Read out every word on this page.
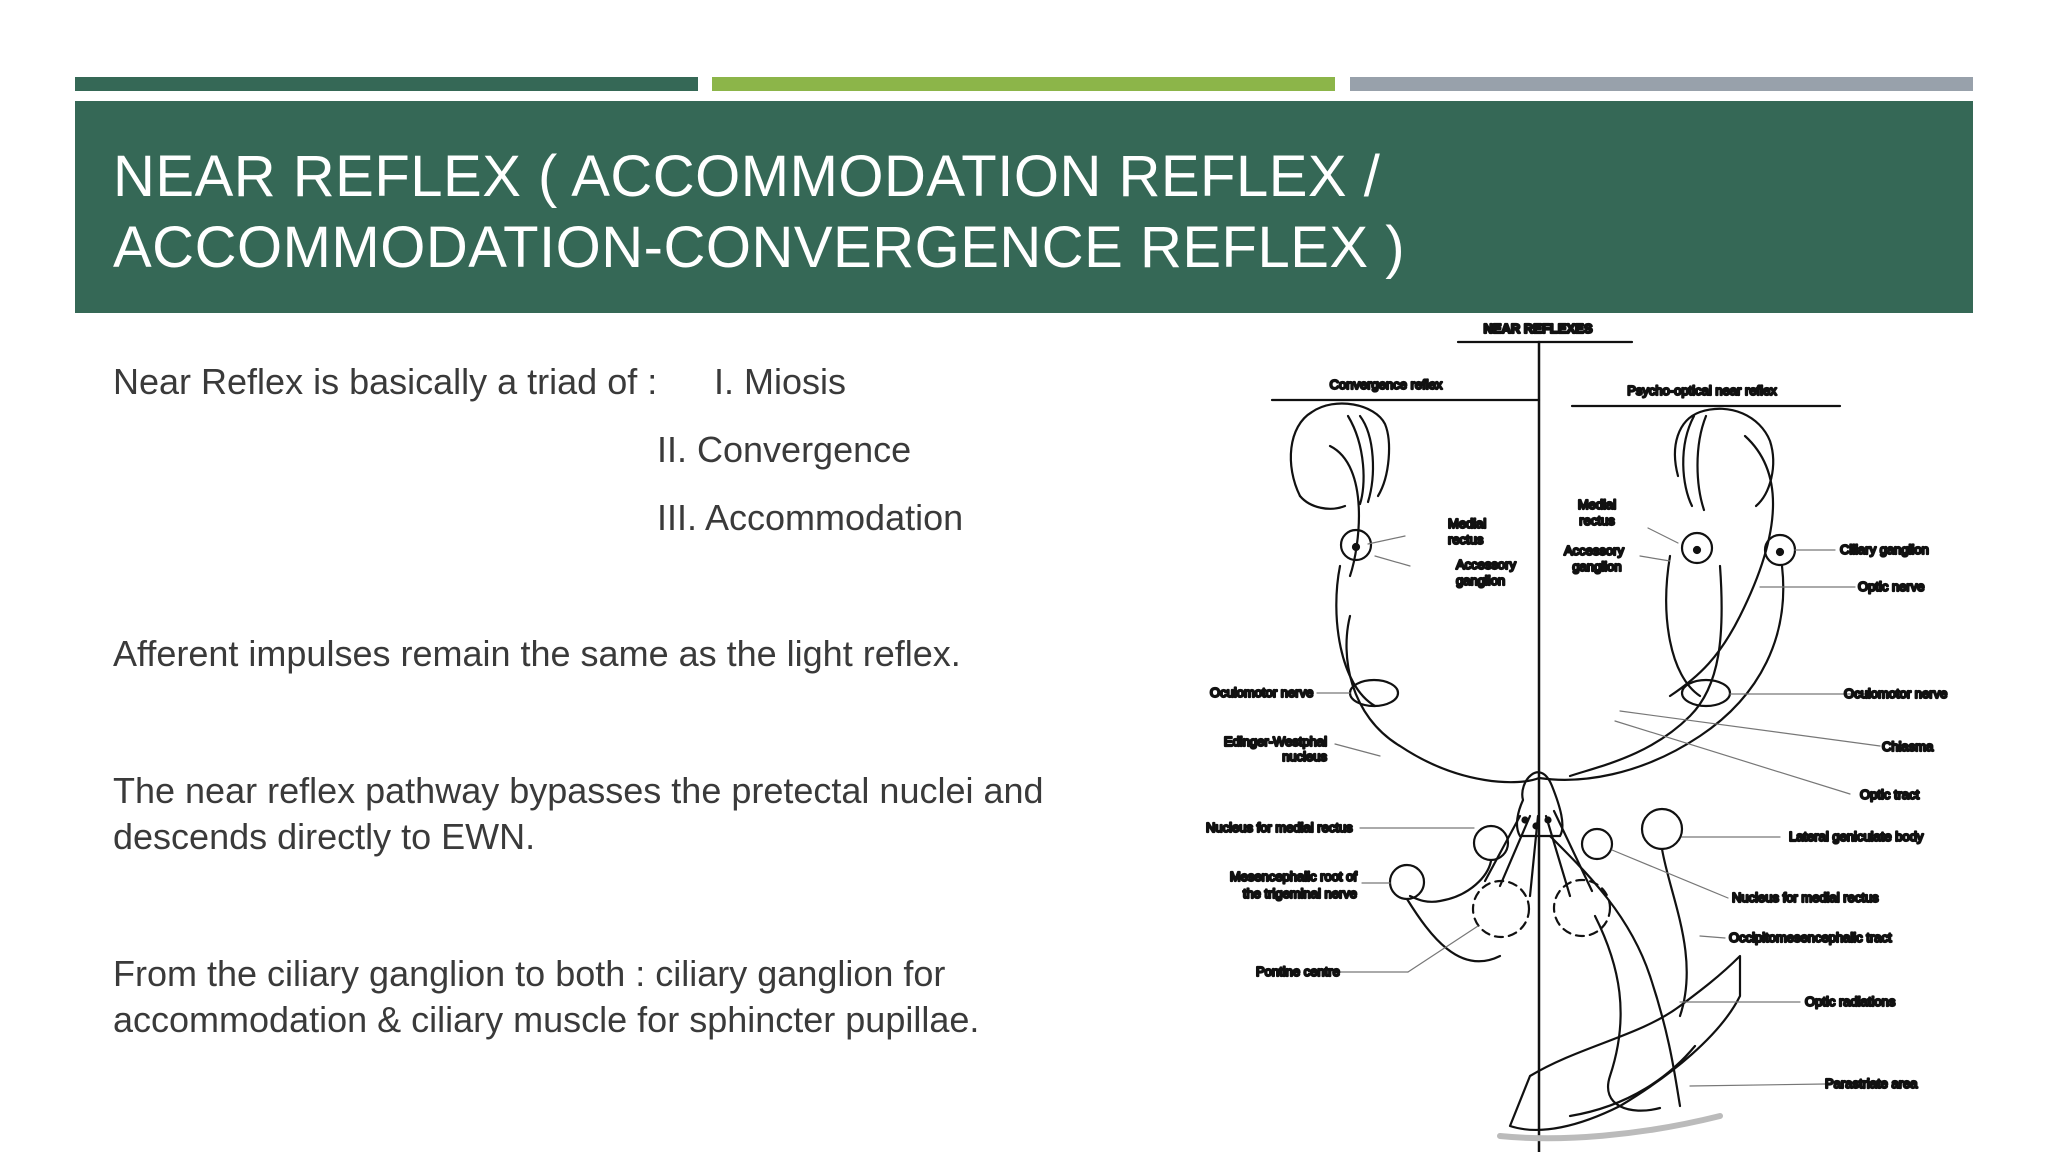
NEAR REFLEX ( ACCOMMODATION REFLEX /
ACCOMMODATION-CONVERGENCE REFLEX )

Near Reflex is basically a triad of : I. Miosis
II. Convergence
III. Accommodation

Afferent impulses remain the same as the light reflex.

The near reflex pathway bypasses the pretectal nuclei and

descends directly to EWN.

From the ciliary ganglion to both : ciliary ganglion for

accommodation & ciliary muscle for sphincter pupillae.

NEAR REFLEXES
Convergence reflex	Psycho-optical near reflex
Medial
rectus
Accessory
ganglion
Oculomotor nerve
Edinger-Westphal
nucleus
Nucleus for medial rectus
Mesencephalic root of
the trigeminal nerve
Pontine centre
Medial
rectus
Accessory
ganglion
Ciliary ganglion
Optic nerve
Oculomotor nerve
Chiasma
Optic tract
Lateral geniculate body
Nucleus for medial rectus
Occipitomesencephalic tract
Optic radiations
Parastriate area
